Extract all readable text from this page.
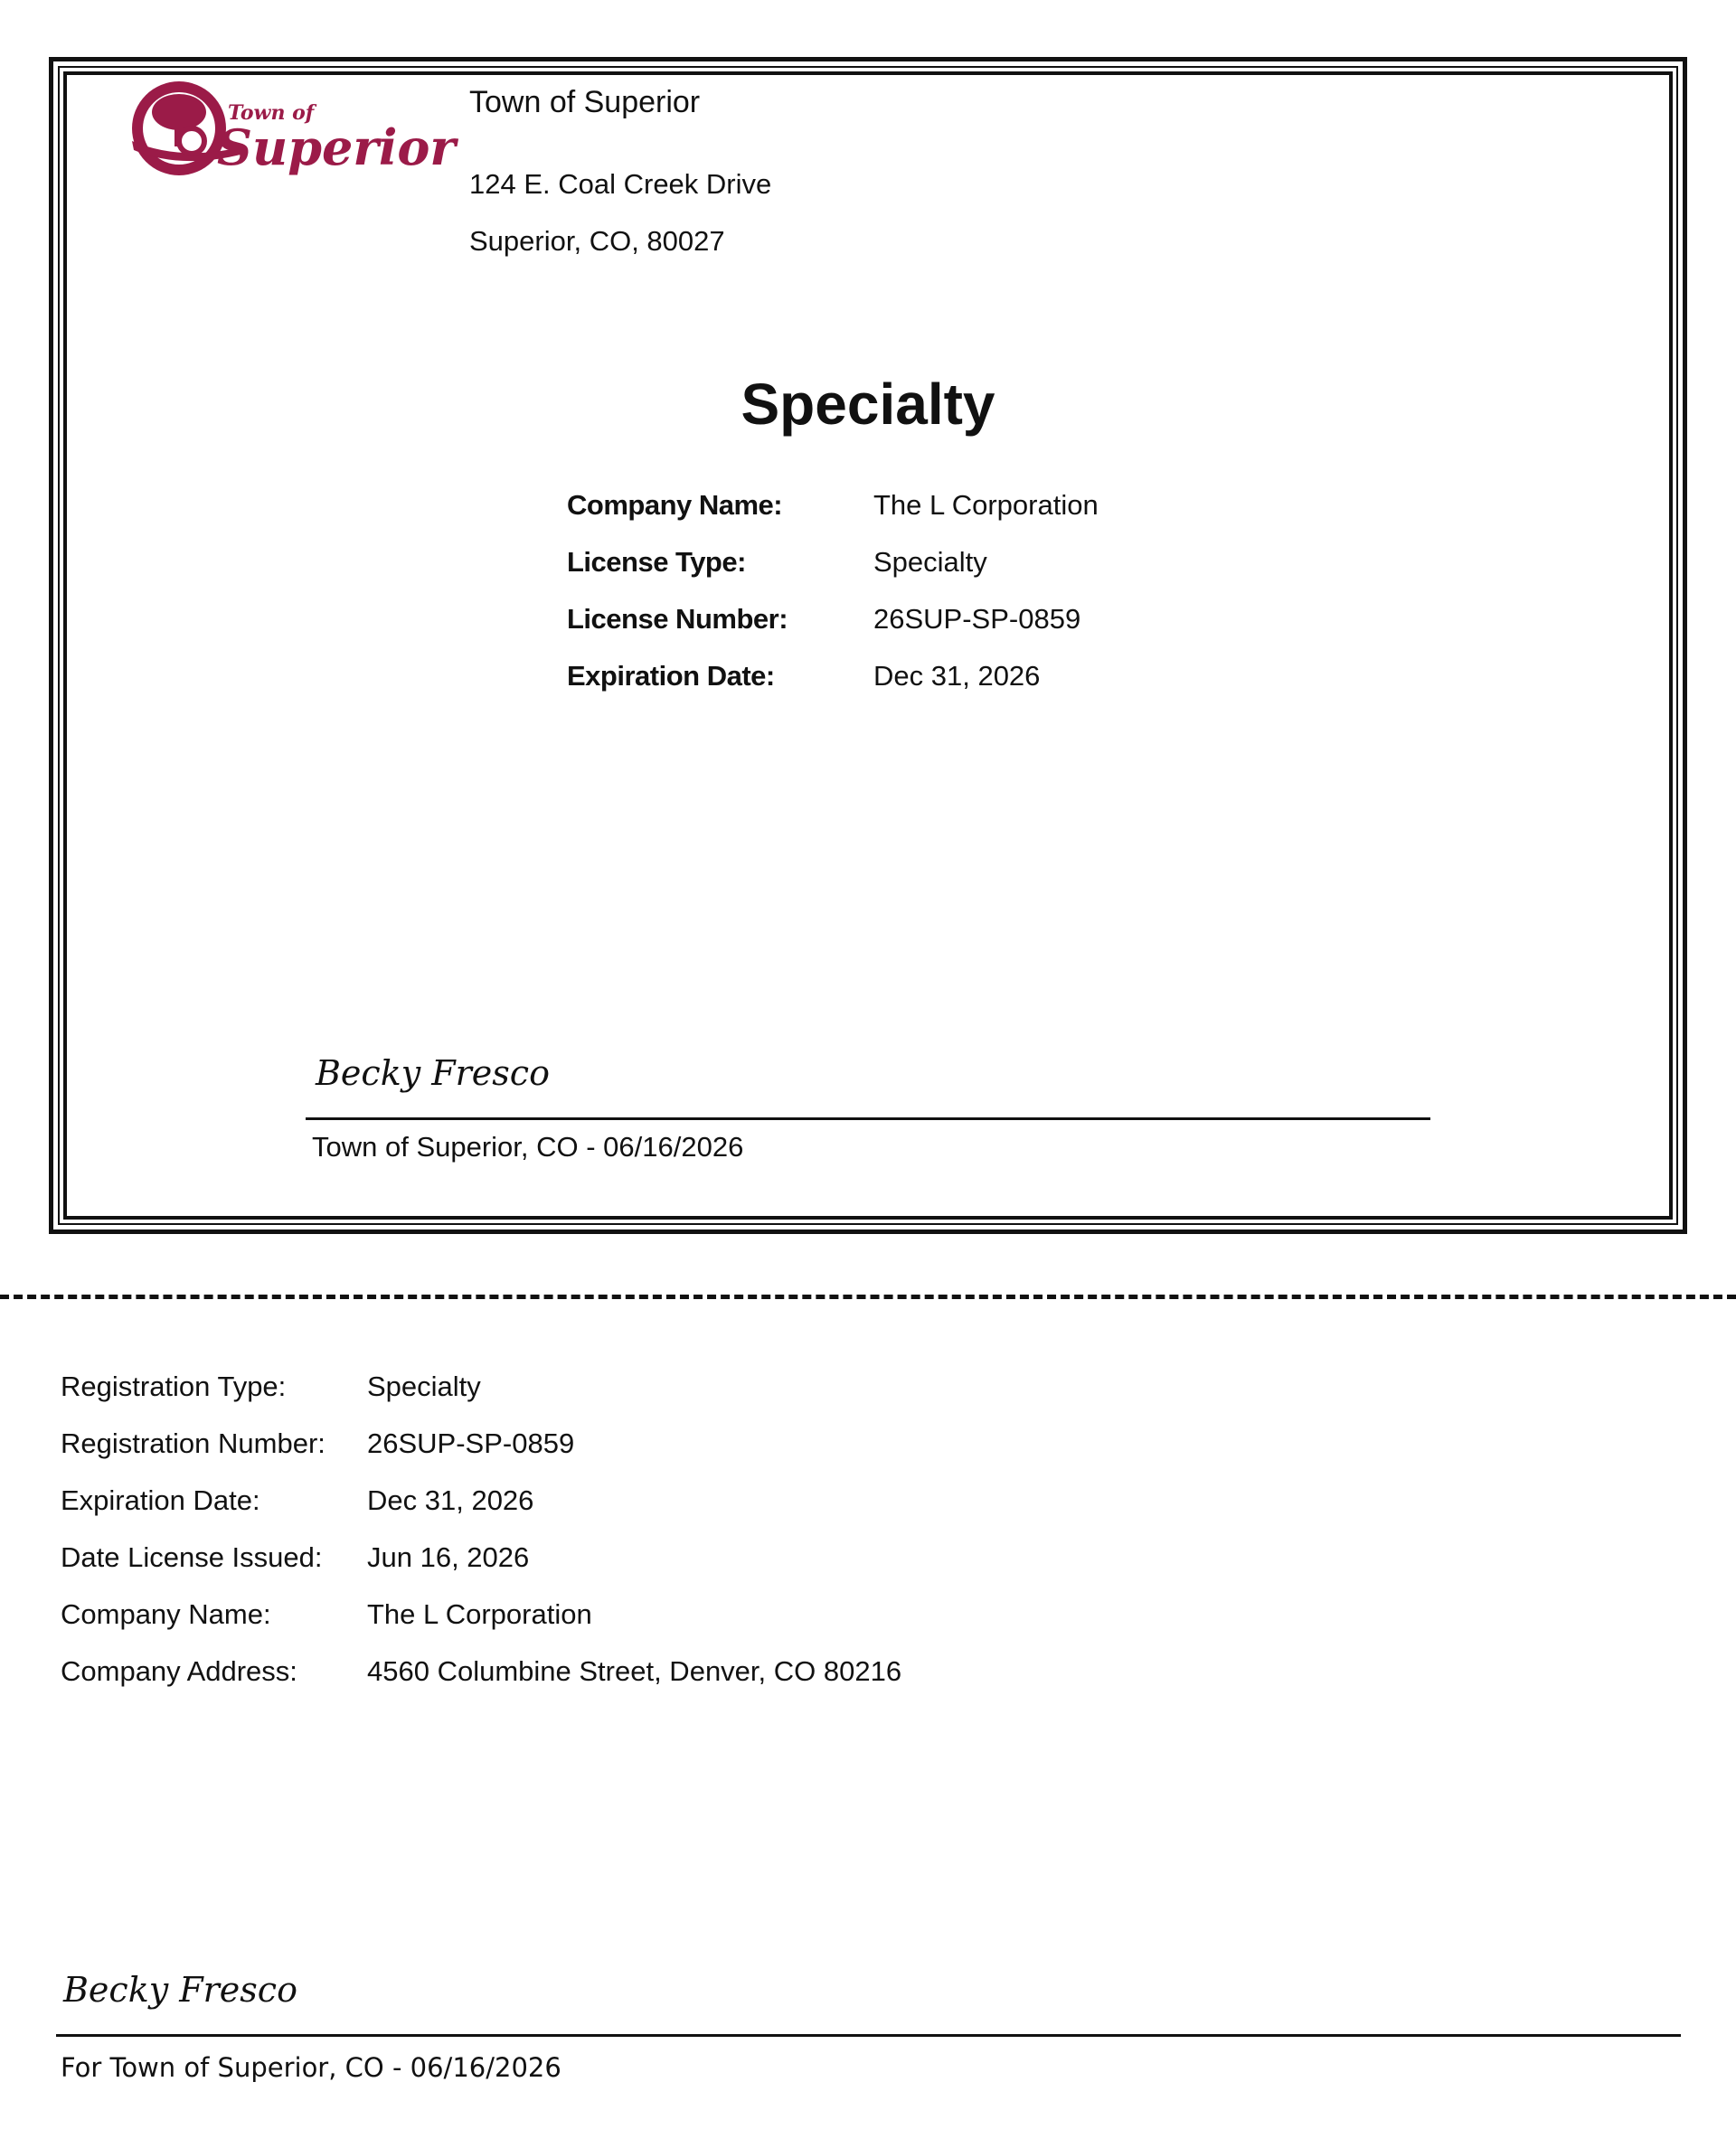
Town of
Superior
Town of Superior
124 E. Coal Creek Drive
Superior, CO, 80027
Specialty
Company Name:	The L Corporation
License Type:	Specialty
License Number:	26SUP-SP-0859
Expiration Date:	Dec 31, 2026
Becky Fresco
Town of Superior, CO - 06/16/2026
Registration Type:	Specialty
Registration Number: 26SUP-SP-0859
Expiration Date:	Dec 31, 2026
Date License Issued: Jun 16, 2026
Company Name:	The L Corporation
Company Address: 4560 Columbine Street, Denver, CO 80216
Becky Fresco
For Town of Superior, CO - 06/16/2026
